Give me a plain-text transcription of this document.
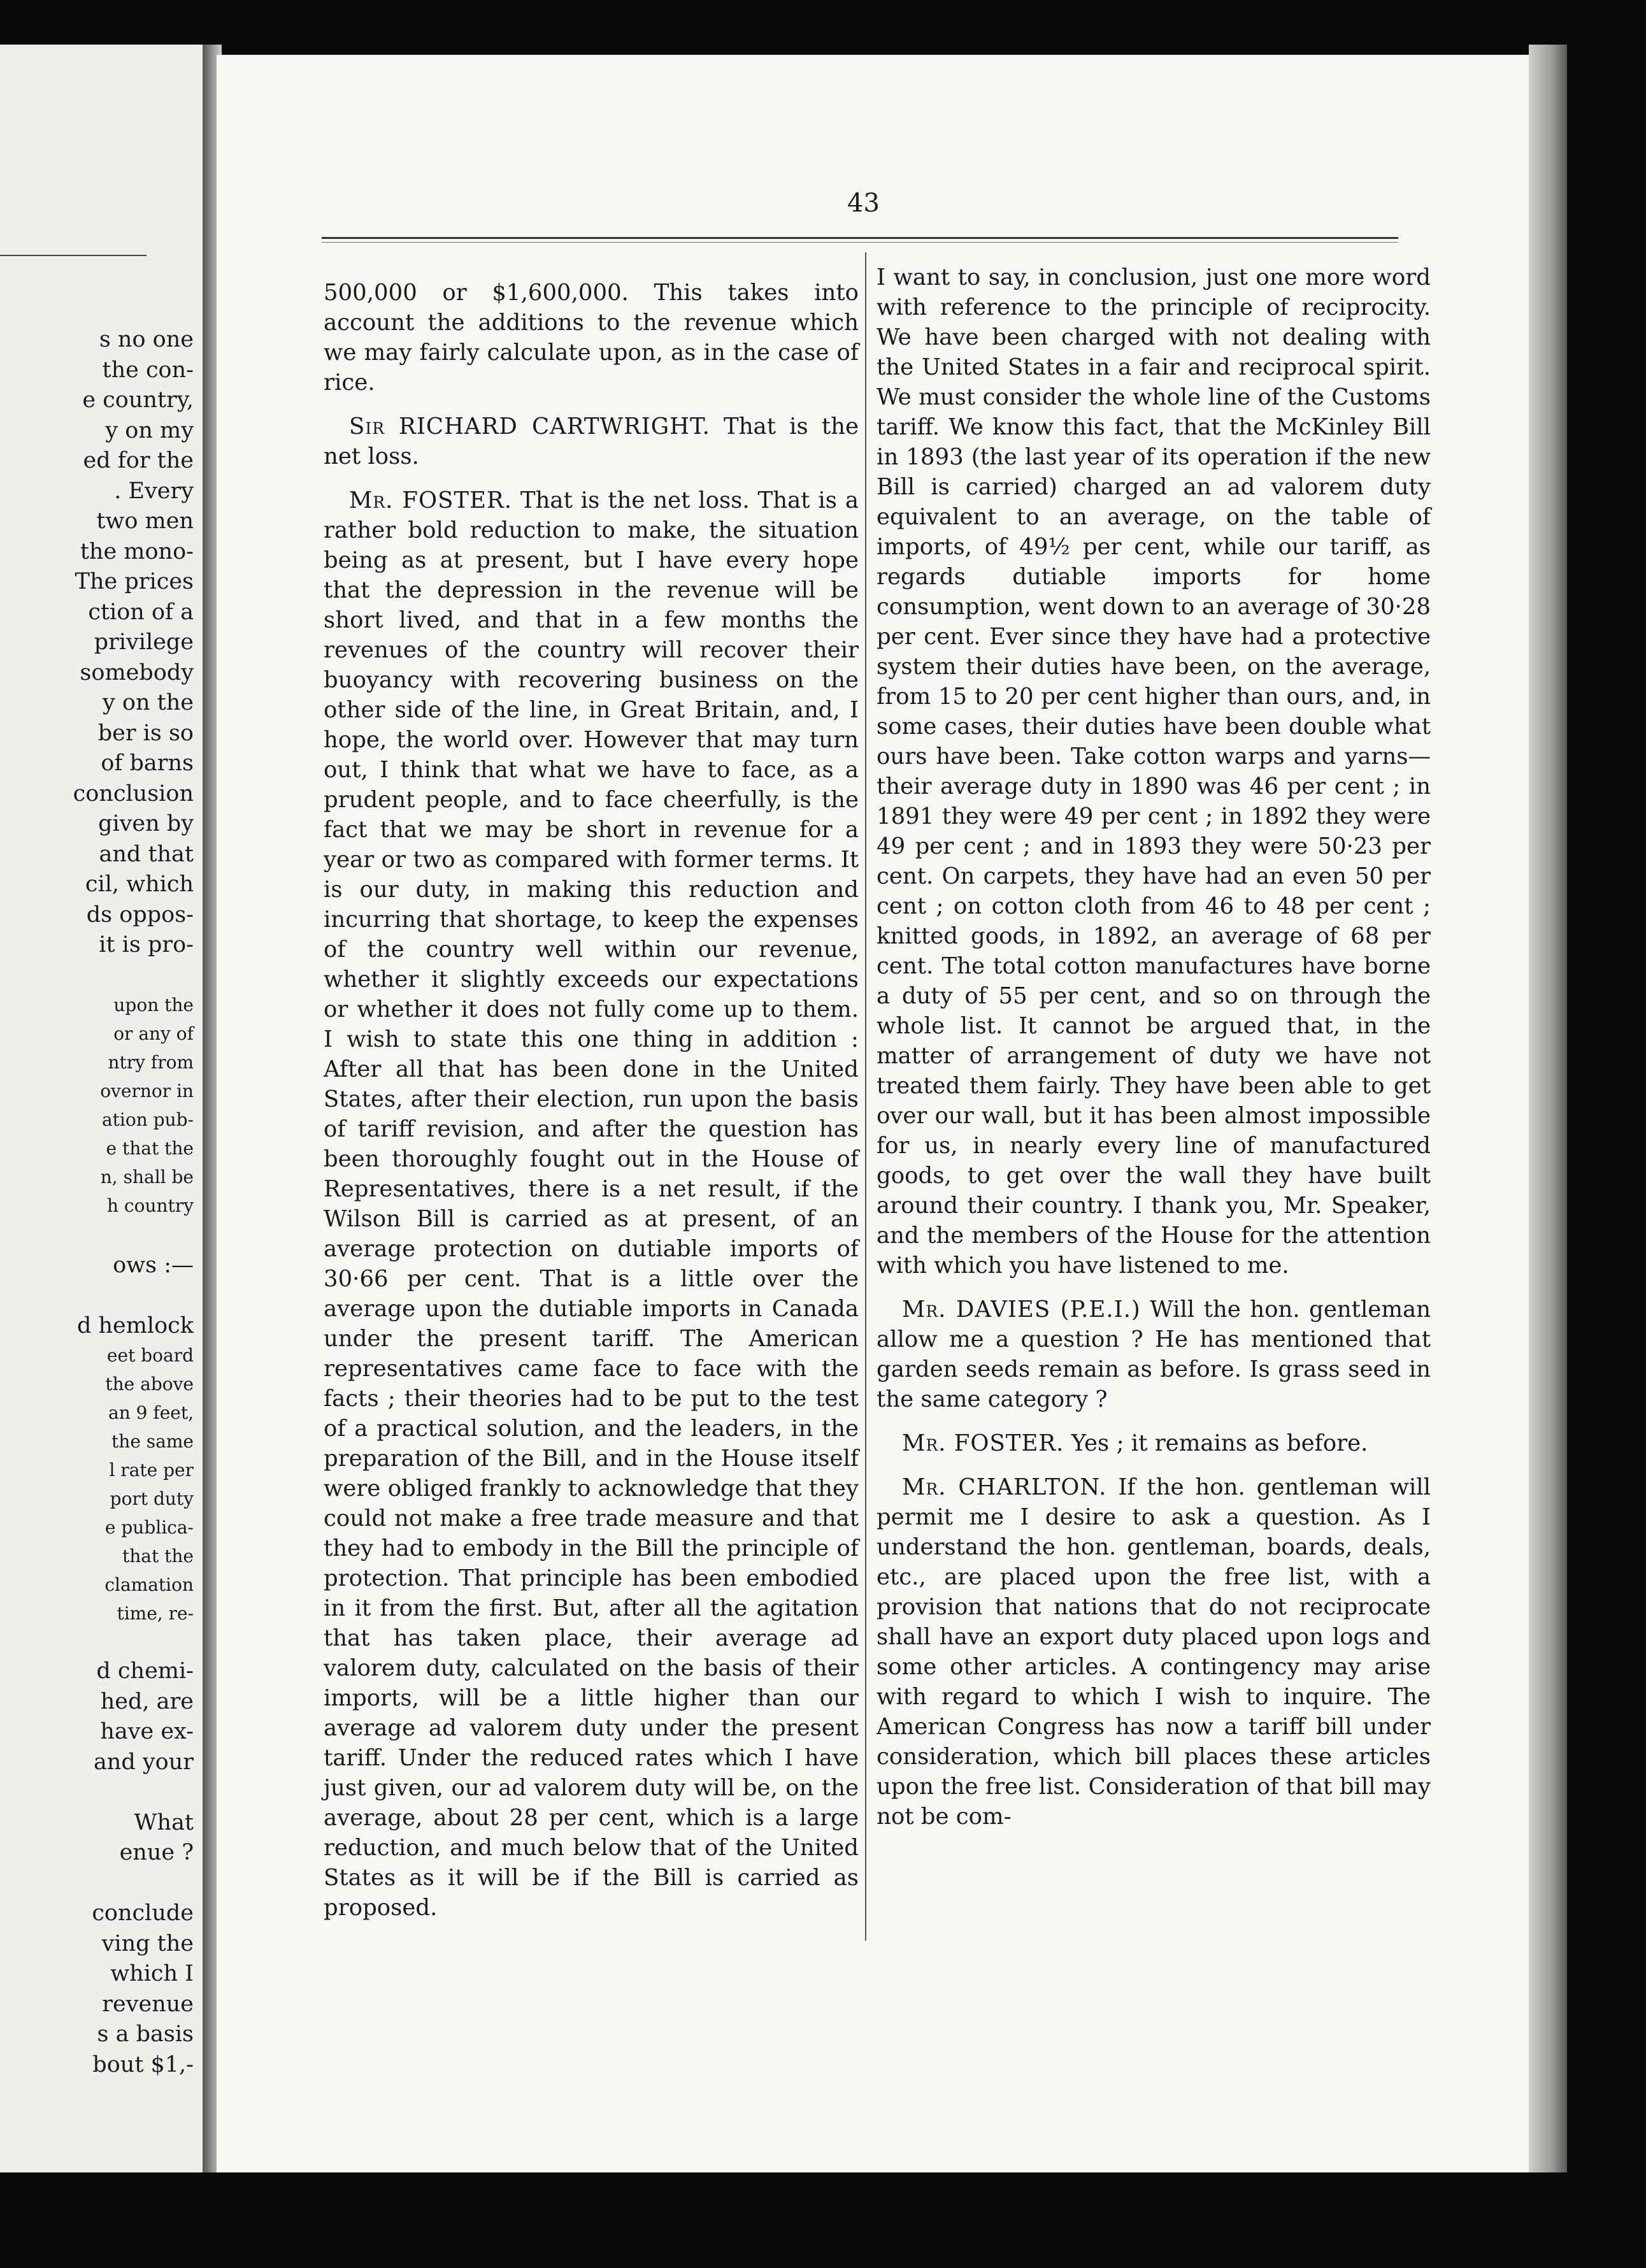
s no one
the con-
e country,
y on my
ed for the
. Every
two men
the mono-
The prices
ction of a
privilege
somebody
y on the
ber is so
of barns
conclusion
given by
and that
cil, which
ds oppos-
it is pro-

upon the
or any of
ntry from
overnor in
ation pub-
e that the
n, shall be
h country

ows :—

d hemlock
eet board
the above
an 9 feet,
the same
l rate per
port duty
e publica-
that the
clamation
time, re-

d chemi-
hed, are
have ex-
and your

What
enue ?

conclude
ving the
which I
revenue
s a basis
bout $1,-
43

500,000 or $1,600,000. This takes into account the additions to the revenue which we may fairly calculate upon, as in the case of rice.

Sir RICHARD CARTWRIGHT. That is the net loss.

Mr. FOSTER. That is the net loss. That is a rather bold reduction to make, the situation being as at present, but I have every hope that the depression in the revenue will be short lived, and that in a few months the revenues of the country will recover their buoyancy with recovering business on the other side of the line, in Great Britain, and, I hope, the world over. However that may turn out, I think that what we have to face, as a prudent people, and to face cheerfully, is the fact that we may be short in revenue for a year or two as compared with former terms. It is our duty, in making this reduction and incurring that shortage, to keep the expenses of the country well within our revenue, whether it slightly exceeds our expectations or whether it does not fully come up to them. I wish to state this one thing in addition : After all that has been done in the United States, after their election, run upon the basis of tariff revision, and after the question has been thoroughly fought out in the House of Representatives, there is a net result, if the Wilson Bill is carried as at present, of an average protection on dutiable imports of 30·66 per cent. That is a little over the average upon the dutiable imports in Canada under the present tariff. The American representatives came face to face with the facts ; their theories had to be put to the test of a practical solution, and the leaders, in the preparation of the Bill, and in the House itself were obliged frankly to acknowledge that they could not make a free trade measure and that they had to embody in the Bill the principle of protection. That principle has been embodied in it from the first. But, after all the agitation that has taken place, their average ad valorem duty, calculated on the basis of their imports, will be a little higher than our average ad valorem duty under the present tariff. Under the reduced rates which I have just given, our ad valorem duty will be, on the average, about 28 per cent, which is a large reduction, and much below that of the United States as it will be if the Bill is carried as proposed.

I want to say, in conclusion, just one more word with reference to the principle of reciprocity. We have been charged with not dealing with the United States in a fair and reciprocal spirit. We must consider the whole line of the Customs tariff. We know this fact, that the McKinley Bill in 1893 (the last year of its operation if the new Bill is carried) charged an ad valorem duty equivalent to an average, on the table of imports, of 49½ per cent, while our tariff, as regards dutiable imports for home consumption, went down to an average of 30·28 per cent. Ever since they have had a protective system their duties have been, on the average, from 15 to 20 per cent higher than ours, and, in some cases, their duties have been double what ours have been. Take cotton warps and yarns—their average duty in 1890 was 46 per cent ; in 1891 they were 49 per cent ; in 1892 they were 49 per cent ; and in 1893 they were 50·23 per cent. On carpets, they have had an even 50 per cent ; on cotton cloth from 46 to 48 per cent ; knitted goods, in 1892, an average of 68 per cent. The total cotton manufactures have borne a duty of 55 per cent, and so on through the whole list. It cannot be argued that, in the matter of arrangement of duty we have not treated them fairly. They have been able to get over our wall, but it has been almost impossible for us, in nearly every line of manufactured goods, to get over the wall they have built around their country. I thank you, Mr. Speaker, and the members of the House for the attention with which you have listened to me.

Mr. DAVIES (P.E.I.) Will the hon. gentleman allow me a question ? He has mentioned that garden seeds remain as before. Is grass seed in the same category ?

Mr. FOSTER. Yes ; it remains as before.

Mr. CHARLTON. If the hon. gentleman will permit me I desire to ask a question. As I understand the hon. gentleman, boards, deals, etc., are placed upon the free list, with a provision that nations that do not reciprocate shall have an export duty placed upon logs and some other articles. A contingency may arise with regard to which I wish to inquire. The American Congress has now a tariff bill under consideration, which bill places these articles upon the free list. Consideration of that bill may not be com-
